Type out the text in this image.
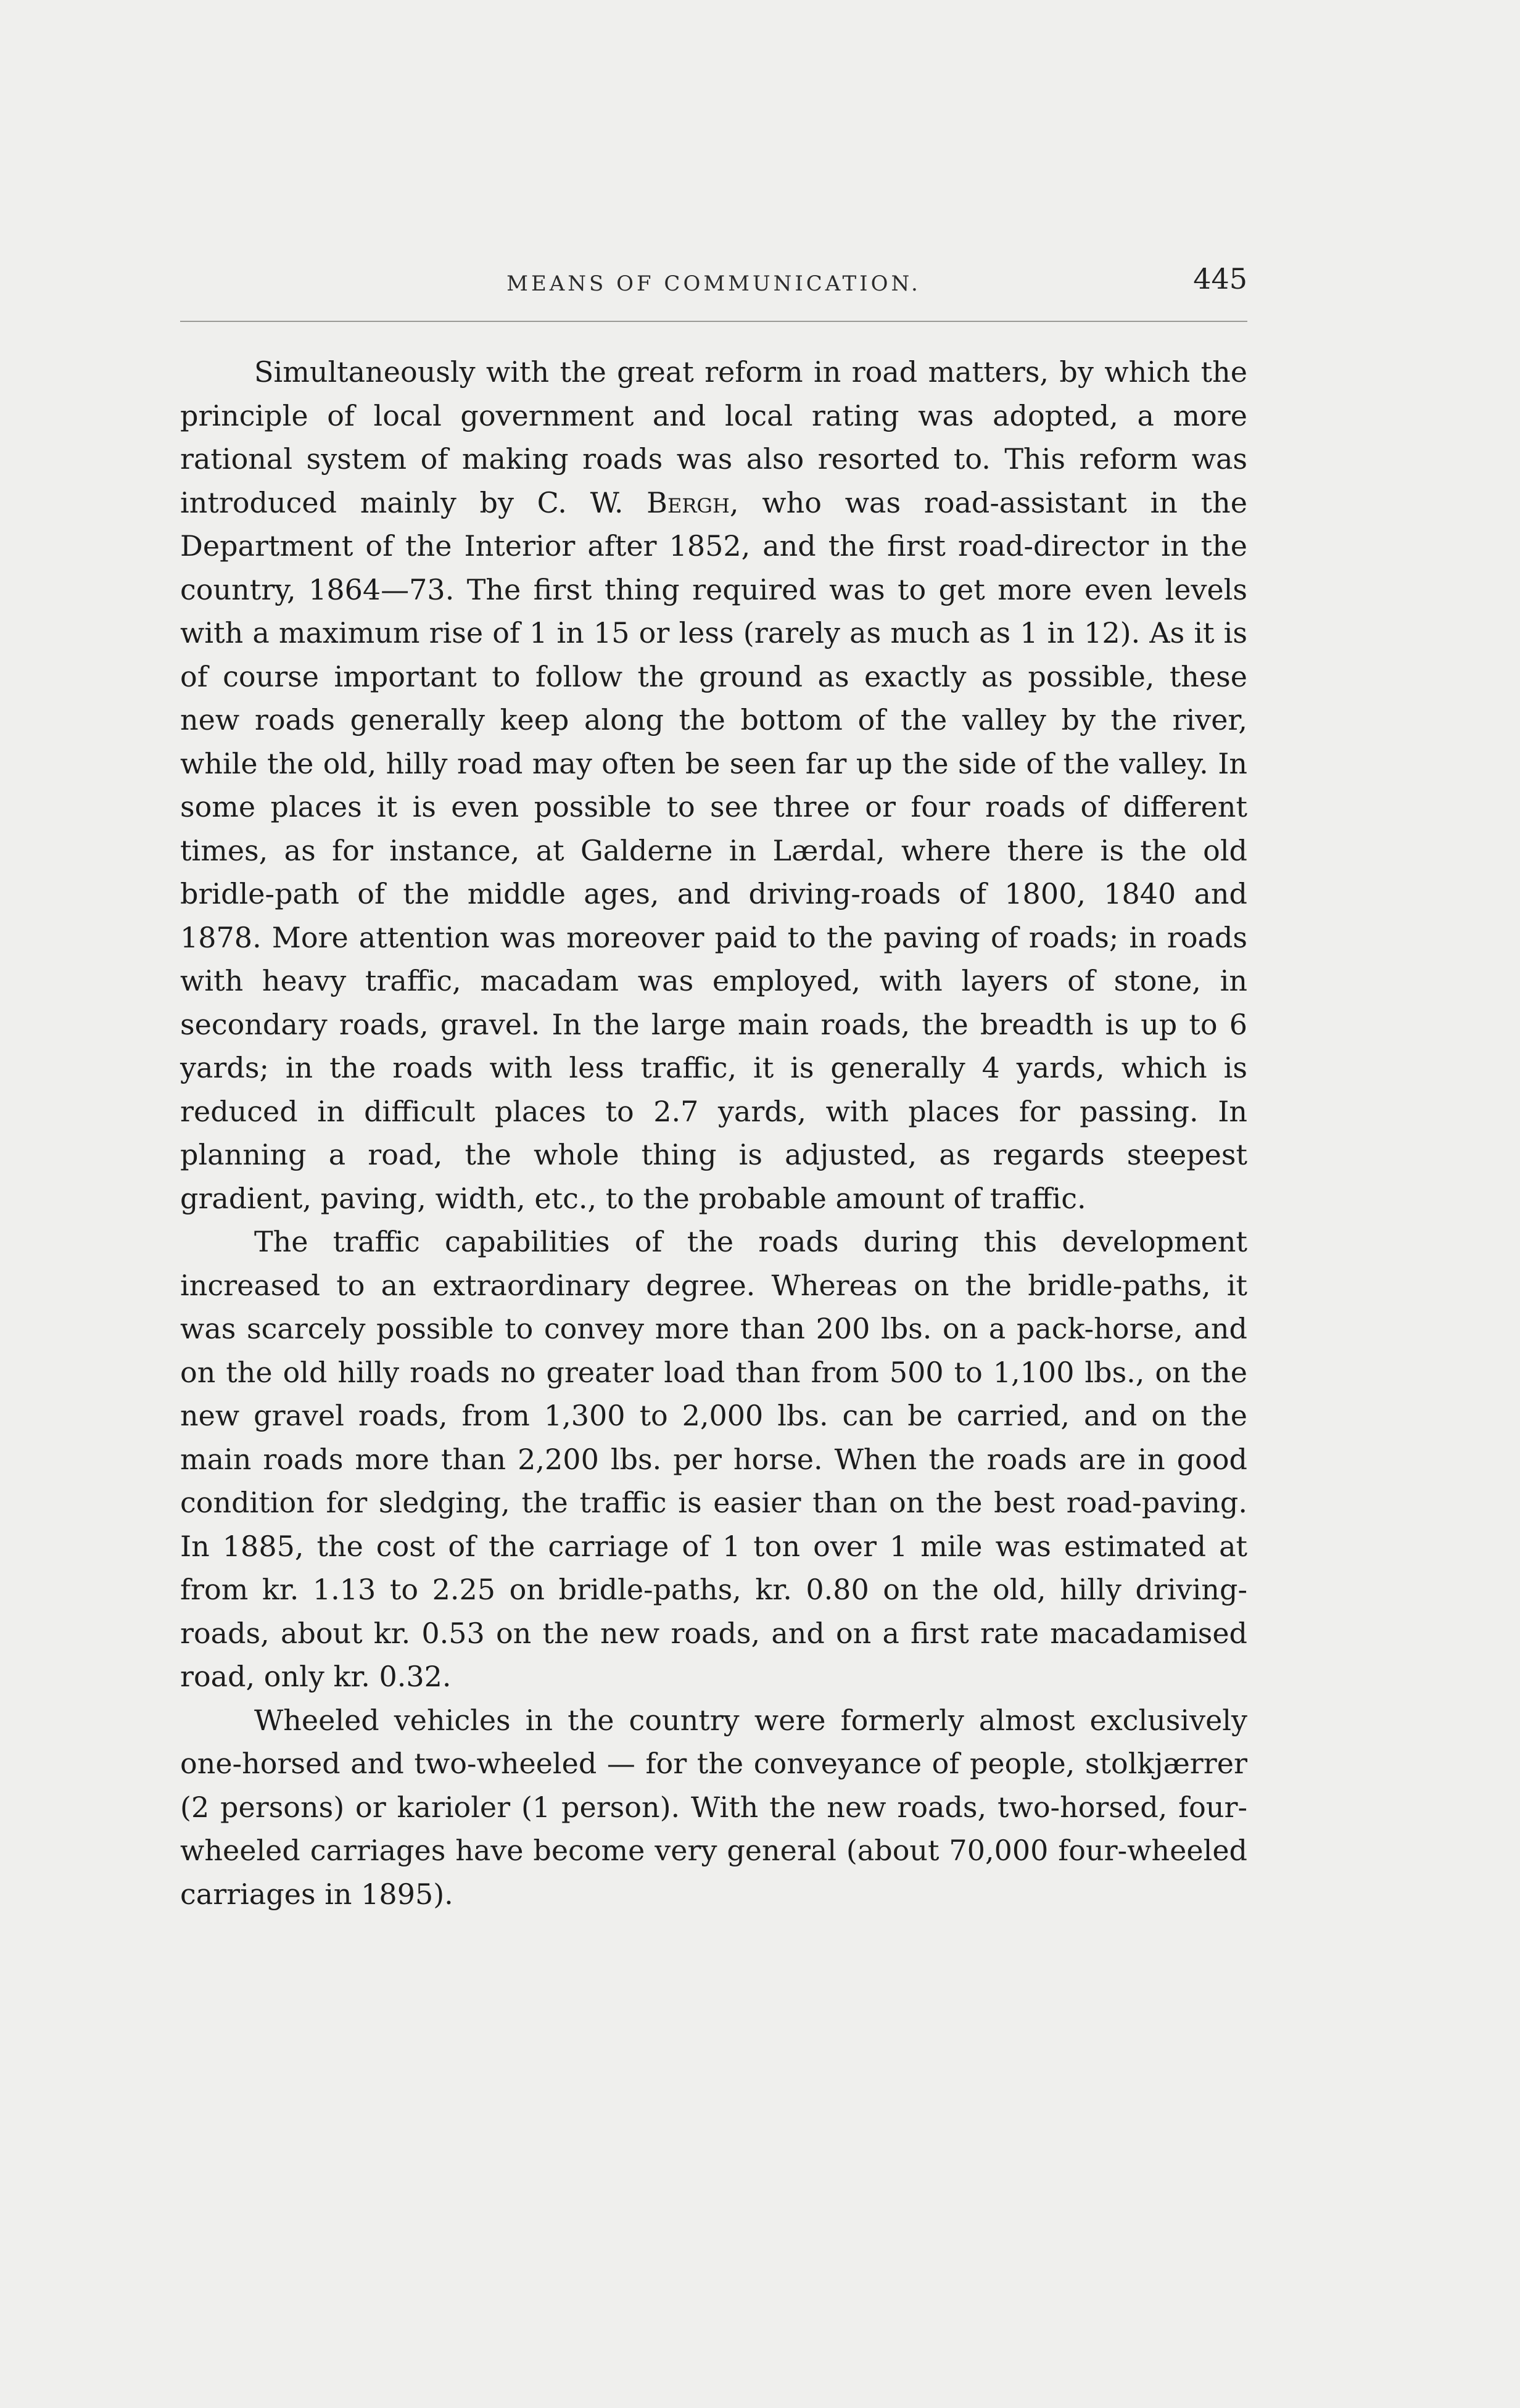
MEANS OF COMMUNICATION.	445

Simultaneously with the great reform in road matters, by which the principle of local government and local rating was adopted, a more rational system of making roads was also resorted to. This reform was introduced mainly by C. W. Bergh, who was road-assistant in the Department of the Interior after 1852, and the first road-director in the country, 1864—73. The first thing required was to get more even levels with a maximum rise of 1 in 15 or less (rarely as much as 1 in 12). As it is of course important to follow the ground as exactly as possible, these new roads generally keep along the bottom of the valley by the river, while the old, hilly road may often be seen far up the side of the valley. In some places it is even possible to see three or four roads of different times, as for instance, at Galderne in Lærdal, where there is the old bridle-path of the middle ages, and driving-roads of 1800, 1840 and 1878. More attention was moreover paid to the paving of roads; in roads with heavy traffic, macadam was employed, with layers of stone, in secondary roads, gravel. In the large main roads, the breadth is up to 6 yards; in the roads with less traffic, it is generally 4 yards, which is reduced in difficult places to 2.7 yards, with places for passing. In planning a road, the whole thing is adjusted, as regards steepest gradient, paving, width, etc., to the probable amount of traffic.

The traffic capabilities of the roads during this development increased to an extraordinary degree. Whereas on the bridle-paths, it was scarcely possible to convey more than 200 lbs. on a pack-horse, and on the old hilly roads no greater load than from 500 to 1,100 lbs., on the new gravel roads, from 1,300 to 2,000 lbs. can be carried, and on the main roads more than 2,200 lbs. per horse. When the roads are in good condition for sledging, the traffic is easier than on the best road-paving. In 1885, the cost of the carriage of 1 ton over 1 mile was estimated at from kr. 1.13 to 2.25 on bridle-paths, kr. 0.80 on the old, hilly driving-roads, about kr. 0.53 on the new roads, and on a first rate macadamised road, only kr. 0.32.

Wheeled vehicles in the country were formerly almost exclusively one-horsed and two-wheeled — for the conveyance of people, stolkjærrer (2 persons) or karioler (1 person). With the new roads, two-horsed, four-wheeled carriages have become very general (about 70,000 four-wheeled carriages in 1895).
